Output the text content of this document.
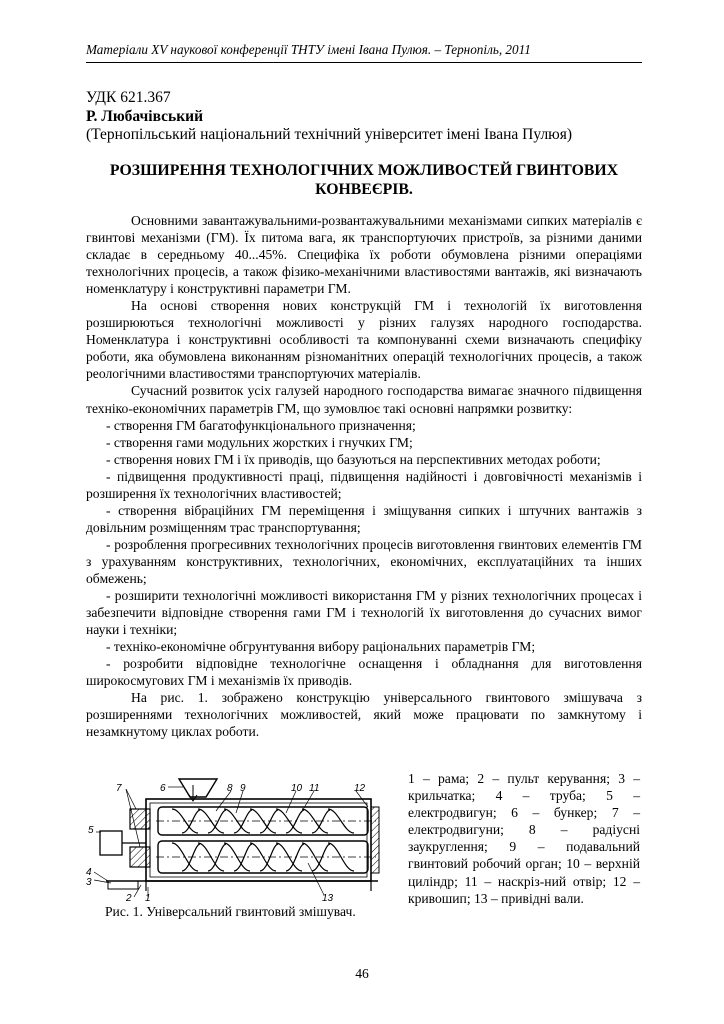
Матеріали XV наукової конференції ТНТУ імені Івана Пулюя. – Тернопіль, 2011
УДК 621.367
Р. Любачівський
(Тернопільський національний технічний університет імені Івана Пулюя)
РОЗШИРЕННЯ ТЕХНОЛОГІЧНИХ МОЖЛИВОСТЕЙ ГВИНТОВИХ КОНВЕЄРІВ.

Основними завантажувальними-розвантажувальними механізмами сипких матеріалів є гвинтові механізми (ГМ). Їх питома вага, як транспортуючих пристроїв, за різними даними складає в середньому 40...45%. Специфіка їх роботи обумовлена різними операціями технологічних процесів, а також фізико-механічними властивостями вантажів, які визначають номенклатуру і конструктивні параметри ГМ.

На основі створення нових конструкцій ГМ і технологій їх виготовлення розширюються технологічні можливості у різних галузях народного господарства. Номенклатура і конструктивні особливості та компонуванні схеми визначають специфіку роботи, яка обумовлена виконанням різноманітних операцій технологічних процесів, а також реологічними властивостями транспортуючих матеріалів.

Сучасний розвиток усіх галузей народного господарства вимагає значного підвищення техніко-економічних параметрів ГМ, що зумовлює такі основні напрямки розвитку:

- створення ГМ багатофункціонального призначення;

- створення гами модульних жорстких і гнучких ГМ;

- створення нових ГМ і їх приводів, що базуються на перспективних методах роботи;

- підвищення продуктивності праці, підвищення надійності і довговічності механізмів і розширення їх технологічних властивостей;

- створення вібраційних ГМ переміщення і зміщування сипких і штучних вантажів з довільним розміщенням трас транспортування;

- розроблення прогресивних технологічних процесів виготовлення гвинтових елементів ГМ з урахуванням конструктивних, технологічних, економічних, експлуатаційних та інших обмежень;

- розширити технологічні можливості використання ГМ у різних технологічних процесах і забезпечити відповідне створення гами ГМ і технологій їх виготовлення до сучасних вимог науки і техніки;

- техніко-економічне обгрунтування вибору раціональних параметрів ГМ;

- розробити відповідне технологічне оснащення і обладнання для виготовлення широкосмугових ГМ і механізмів їх приводів.

На рис. 1. зображено конструкцію універсального гвинтового змішувача з розширеннями технологічних можливостей, який може працювати по замкнутому і незамкнутому циклах роботи.

7	6	8 9	10 11	12
5
4
3
2 1	13
Рис. 1. Універсальний гвинтовий змішувач.
1 – рама; 2 – пульт керування; 3 – крильчатка; 4 – труба; 5 – електродвигун; 6 – бункер; 7 – електродвигуни; 8 – радіусні заукруглення; 9 – подавальний гвинтовий робочий орган; 10 – верхній циліндр; 11 – наскріз-ний отвір; 12 –кривошип; 13 – привідні вали.
46
